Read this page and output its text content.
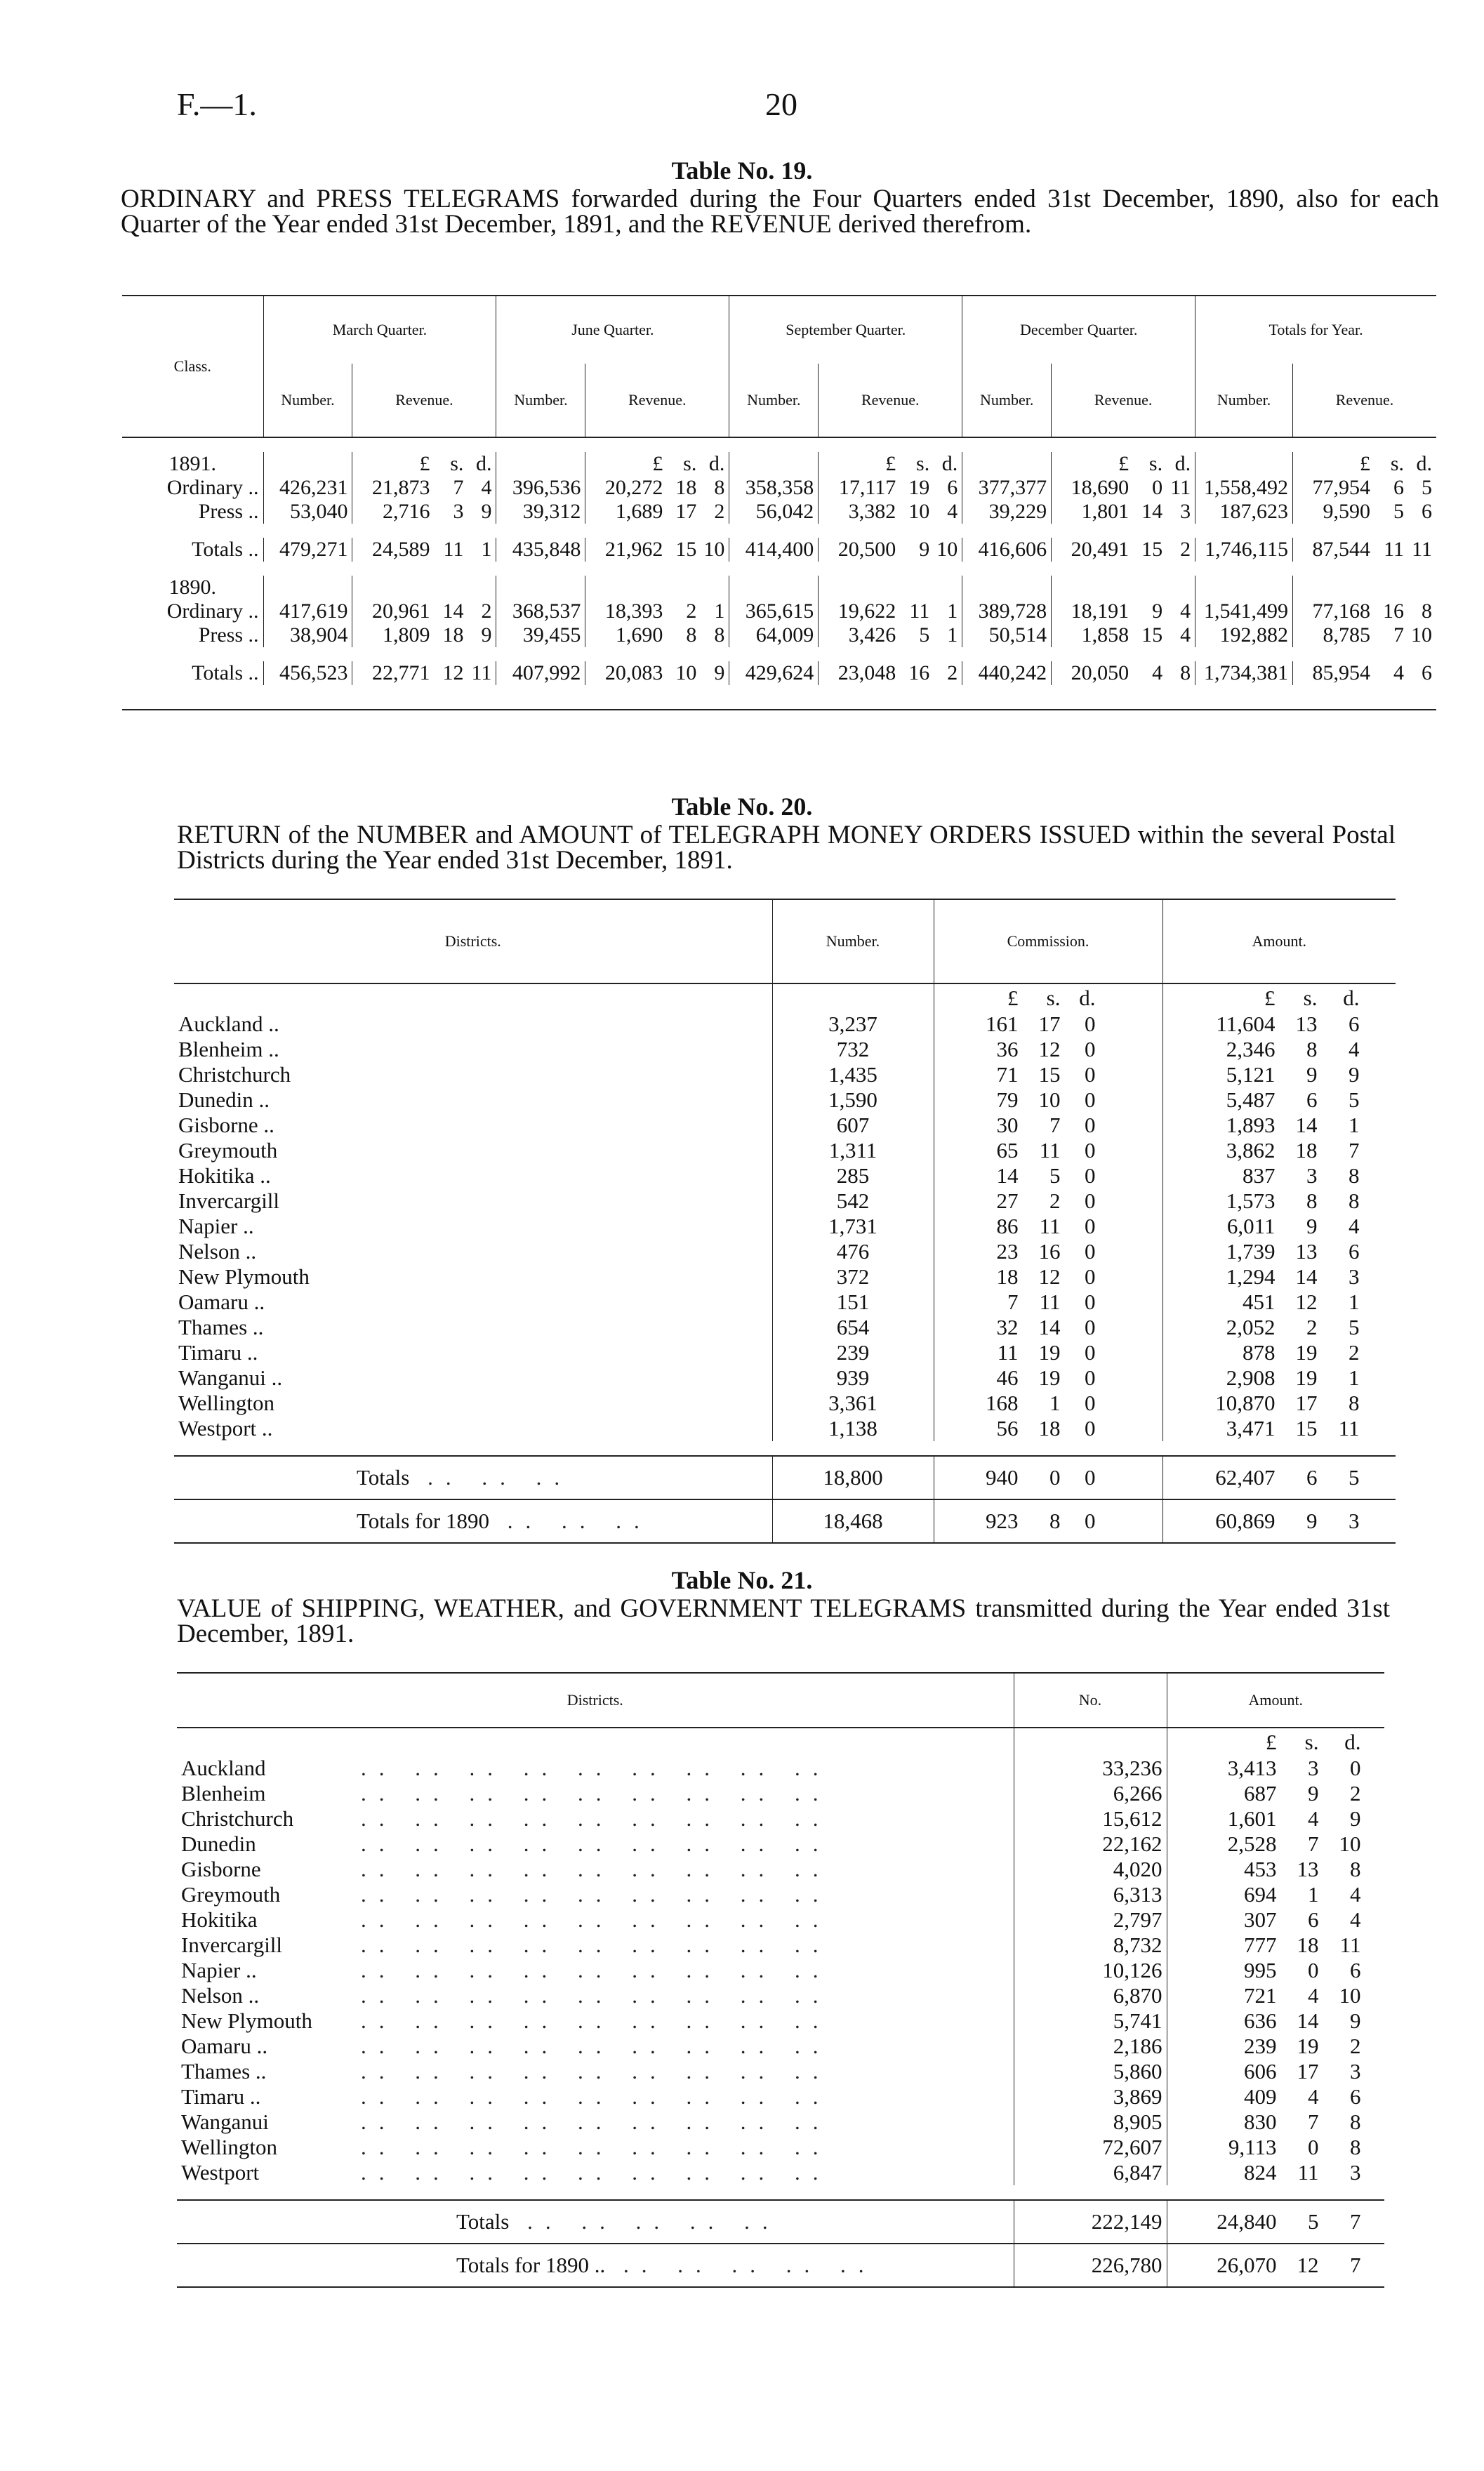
F.—1.	20
Table No. 19.
ORDINARY and PRESS TELEGRAMS forwarded during the Four Quarters ended 31st December, 1890, also for each Quarter of the Year ended 31st December, 1891, and the REVENUE derived therefrom.
Class.	March Quarter.		June Quarter.		September Quarter.		December Quarter.		Totals for Year.	
	Number.	Revenue.	Number.	Revenue.	Number.	Revenue.	Number.	Revenue.	Number.	Revenue.

1891.		£ s. d.		£ s. d.		£ s. d.		£ s. d.		£ s. d.
Ordinary ..	426,231	21,873 7 4	396,536	20,272 18 8	358,358	17,117 19 6	377,377	18,690 0 11	1,558,492	77,954 6 5
Press ..	53,040	2,716 3 9	39,312	1,689 17 2	56,042	3,382 10 4	39,229	1,801 14 3	187,623	9,590 5 6

Totals ..	479,271	24,589 11 1	435,848	21,962 15 10	414,400	20,500 9 10	416,606	20,491 15 2	1,746,115	87,544 11 11

1890.										
Ordinary ..	417,619	20,961 14 2	368,537	18,393 2 1	365,615	19,622 11 1	389,728	18,191 9 4	1,541,499	77,168 16 8
Press ..	38,904	1,809 18 9	39,455	1,690 8 8	64,009	3,426 5 1	50,514	1,858 15 4	192,882	8,785 7 10

Totals ..	456,523	22,771 12 11	407,992	20,083 10 9	429,624	23,048 16 2	440,242	20,050 4 8	1,734,381	85,954 4 6

Table No. 20.
RETURN of the NUMBER and AMOUNT of TELEGRAPH MONEY ORDERS ISSUED within the several Postal Districts during the Year ended 31st December, 1891.
Districts.	Number.	Commission.	Amount.
		£ s. d.	£ s. d.
Auckland ..	3,237	161 17 0	11,604 13 6
Blenheim ..	732	36 12 0	2,346 8 4
Christchurch	1,435	71 15 0	5,121 9 9
Dunedin ..	1,590	79 10 0	5,487 6 5
Gisborne ..	607	30 7 0	1,893 14 1
Greymouth	1,311	65 11 0	3,862 18 7
Hokitika ..	285	14 5 0	837 3 8
Invercargill	542	27 2 0	1,573 8 8
Napier ..	1,731	86 11 0	6,011 9 4
Nelson ..	476	23 16 0	1,739 13 6
New Plymouth	372	18 12 0	1,294 14 3
Oamaru ..	151	7 11 0	451 12 1
Thames ..	654	32 14 0	2,052 2 5
Timaru ..	239	11 19 0	878 19 2
Wanganui ..	939	46 19 0	2,908 19 1
Wellington	3,361	168 1 0	10,870 17 8
Westport ..	1,138	56 18 0	3,471 15 11

Totals .. .. ..	18,800	940 0 0	62,407 6 5
Totals for 1890 .. .. ..	18,468	923 8 0	60,869 9 3
Table No. 21.
VALUE of SHIPPING, WEATHER, and GOVERNMENT TELEGRAMS transmitted during the Year ended 31st December, 1891.
Districts.	No.	Amount.
		£ s. d.
Auckland .. .. .. .. .. .. .. .. ..	33,236	3,413 3 0
Blenheim .. .. .. .. .. .. .. .. ..	6,266	687 9 2
Christchurch .. .. .. .. .. .. .. .. ..	15,612	1,601 4 9
Dunedin .. .. .. .. .. .. .. .. ..	22,162	2,528 7 10
Gisborne .. .. .. .. .. .. .. .. ..	4,020	453 13 8
Greymouth .. .. .. .. .. .. .. .. ..	6,313	694 1 4
Hokitika .. .. .. .. .. .. .. .. ..	2,797	307 6 4
Invercargill .. .. .. .. .. .. .. .. ..	8,732	777 18 11
Napier .. .. .. .. .. .. .. .. .. ..	10,126	995 0 6
Nelson .. .. .. .. .. .. .. .. .. ..	6,870	721 4 10
New Plymouth .. .. .. .. .. .. .. .. ..	5,741	636 14 9
Oamaru .. .. .. .. .. .. .. .. .. ..	2,186	239 19 2
Thames .. .. .. .. .. .. .. .. .. ..	5,860	606 17 3
Timaru .. .. .. .. .. .. .. .. .. ..	3,869	409 4 6
Wanganui .. .. .. .. .. .. .. .. ..	8,905	830 7 8
Wellington .. .. .. .. .. .. .. .. ..	72,607	9,113 0 8
Westport .. .. .. .. .. .. .. .. ..	6,847	824 11 3

Totals .. .. .. .. ..	222,149	24,840 5 7
Totals for 1890 .. .. .. .. .. ..	226,780	26,070 12 7
